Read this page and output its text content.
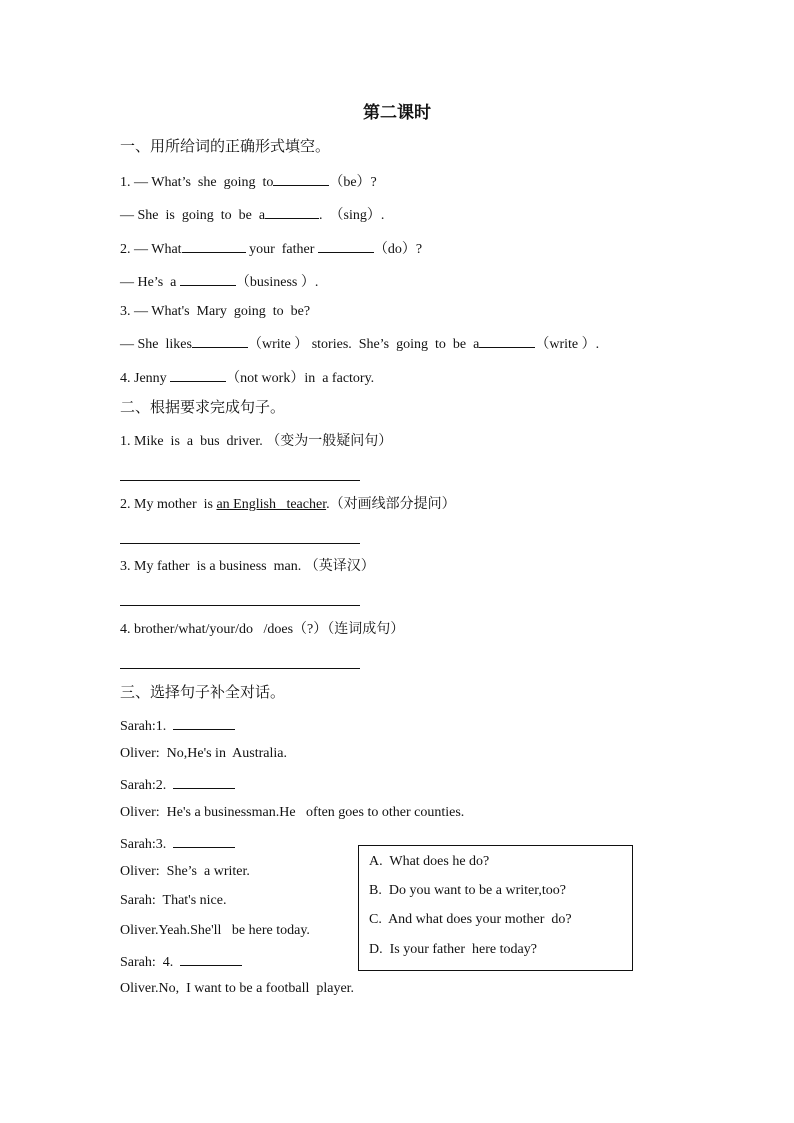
第二课时
一、用所给词的正确形式填空。
1. — What’s  she  going  to	（be）?
— She  is  going  to  be  a	.  （sing）.
2. — What	your  father	（do）?
— He’s  a	（business ）.
3. — What's  Mary  going  to  be?
— She  likes	（write ） stories.  She’s  going  to  be  a	（write ）.
4. Jenny	（not work）in  a factory.
二、根据要求完成句子。
1. Mike  is  a  bus  driver. （变为一般疑问句）
2. My mother  is an English   teacher.（对画线部分提问）
3. My father  is a business  man. （英译汉）
4. brother/what/your/do   /does（?）（连词成句）
三、选择句子补全对话。
Sarah:1.
Oliver:  No,He's in  Australia.
Sarah:2.
Oliver:  He's a businessman.He   often goes to other counties.
Sarah:3.
Oliver:  She’s  a writer.
Sarah:  That's nice.
Oliver.Yeah.She'll   be here today.
Sarah:  4.
Oliver.No,  I want to be a football  player.
A.  What does he do?
B.  Do you want to be a writer,too?
C.  And what does your mother  do?
D.  Is your father  here today?
